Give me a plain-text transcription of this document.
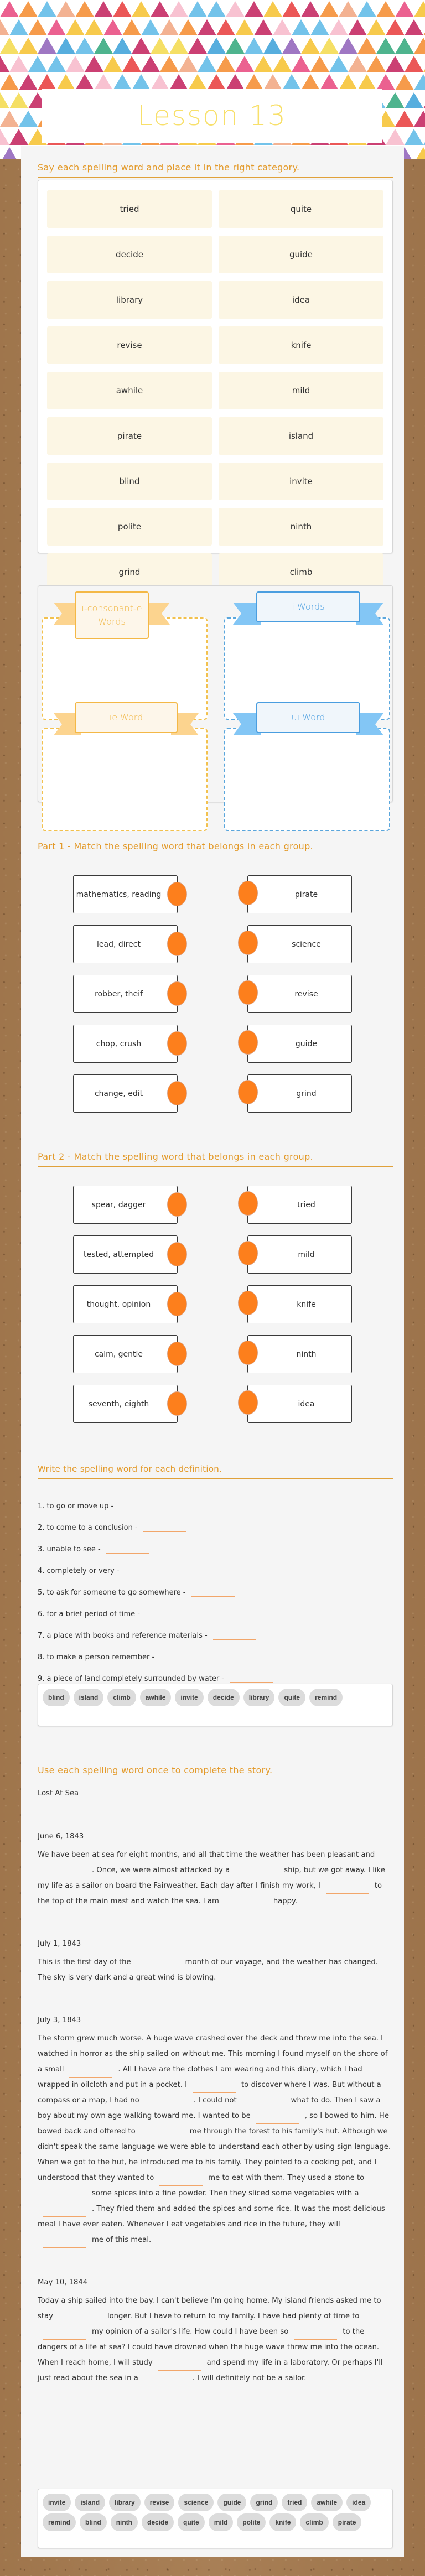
Lesson 13
Say each spelling word and place it in the right category.
tried	quite
decide	guide
library	idea
revise	knife
awhile	mild
pirate	island
blind	invite
polite	ninth
grind	climb
i-consonant-e
Words
i Words
ie Word	ui Word
Part 1 - Match the spelling word that belongs in each group.
mathematics, reading	pirate
lead, direct	science
robber, theif	revise
chop, crush	guide
change, edit	grind
Part 2 - Match the spelling word that belongs in each group.
spear, dagger	tried
tested, attempted	mild
thought, opinion	knife
calm, gentle	ninth
seventh, eighth	idea
Write the spelling word for each definition.
1. to go or move up -
2. to come to a conclusion -
3. unable to see -
4. completely or very -
5. to ask for someone to go somewhere -
6. for a brief period of time -
7. a place with books and reference materials -
8. to make a person remember -
9. a piece of land completely surrounded by water -
blind	island	climb	awhile	invite	decide	library	quite	remind
Use each spelling word once to complete the story.

Lost At Sea

June 6, 1843

We have been at sea for eight months, and all that time the weather has been pleasant and. Once, we were almost attacked by a	ship, but we got away. I like my life as a sailor on board the Fairweather. Each day after I finish my work, I	to the top of the main mast and watch the sea. I am	happy.

July 1, 1843

This is the first day of the	month of our voyage, and the weather has changed. The sky is very dark and a great wind is blowing.

July 3, 1843

The storm grew much worse. A huge wave crashed over the deck and threw me into the sea. I watched in horror as the ship sailed on without me. This morning I found myself on the shore of a small	. All I have are the clothes I am wearing and this diary, which I had wrapped in oilcloth and put in a pocket. I	to discover where I was. But without a compass or a map, I had no	. I could not	what to do. Then I saw a boy about my own age walking toward me. I wanted to be	, so I bowed to him. He bowed back and offered to	me through the forest to his family's hut. Although we didn't speak the same language we were able to understand each other by using sign language. When we got to the hut, he introduced me to his family. They pointed to a cooking pot, and I understood that they wanted to	me to eat with them. They used a stone tosome spices into a fine powder. Then they sliced some vegetables with a. They fried them and added the spices and some rice. It was the most delicious meal I have ever eaten. Whenever I eat vegetables and rice in the future, they willme of this meal.

May 10, 1844

Today a ship sailed into the bay. I can't believe I'm going home. My island friends asked me to stay	longer. But I have to return to my family. I have had plenty of time tomy opinion of a sailor's life. How could I have been so	to the dangers of a life at sea? I could have drowned when the huge wave threw me into the ocean. When I reach home, I will study	and spend my life in a laboratory. Or perhaps I'll just read about the sea in a	. I will definitely not be a sailor.

invite	island	library	revise	science	guide	grind	tried	awhile	idea
remind	blind	ninth	decide	quite	mild	polite	knife	climb	pirate
